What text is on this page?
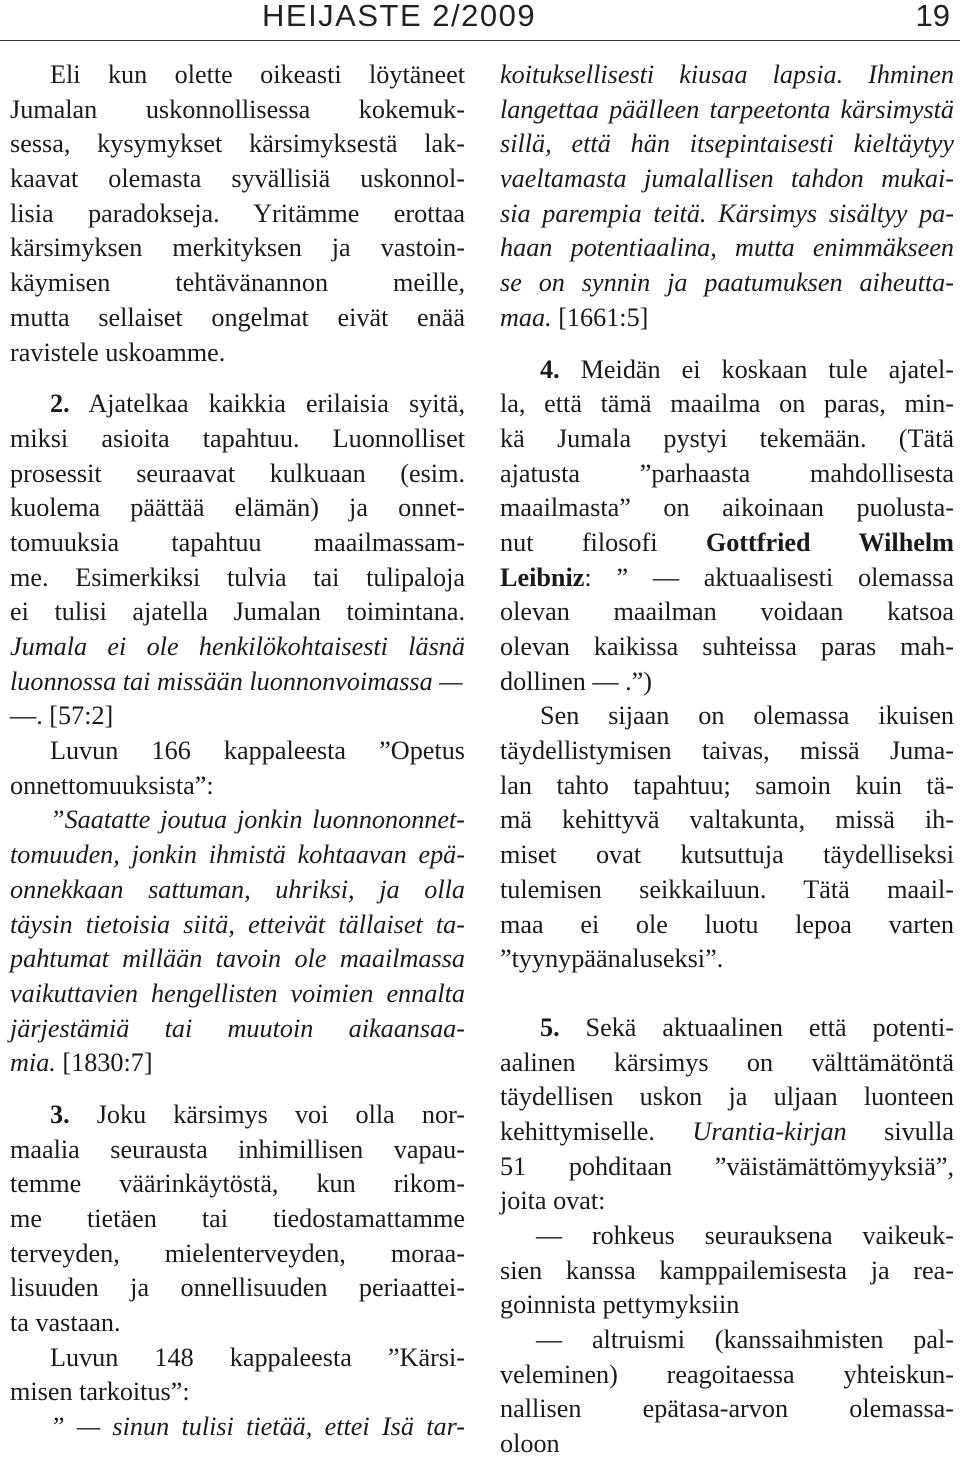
HEIJASTE 2/2009	19
Eli kun olette oikeasti löytäneet
Jumalan uskonnollisessa kokemuk-
sessa, kysymykset kärsimyksestä lak-
kaavat olemasta syvällisiä uskonnol-
lisia paradokseja. Yritämme erottaa
kärsimyksen merkityksen ja vastoin-
käymisen tehtävänannon meille,
mutta sellaiset ongelmat eivät enää
ravistele uskoamme.
2. Ajatelkaa kaikkia erilaisia syitä,
miksi asioita tapahtuu. Luonnolliset
prosessit seuraavat kulkuaan (esim.
kuolema päättää elämän) ja onnet-
tomuuksia tapahtuu maailmassam-
me. Esimerkiksi tulvia tai tulipaloja
ei tulisi ajatella Jumalan toimintana.
Jumala ei ole henkilökohtaisesti läsnä
luonnossa tai missään luonnonvoimassa —
—. [57:2]
Luvun 166 kappaleesta ”Opetus
onnettomuuksista”:
”Saatatte joutua jonkin luonnononnet-
tomuuden, jonkin ihmistä kohtaavan epä-
onnekkaan sattuman, uhriksi, ja olla
täysin tietoisia siitä, etteivät tällaiset ta-
pahtumat millään tavoin ole maailmassa
vaikuttavien hengellisten voimien ennalta
järjestämiä tai muutoin aikaansaa-
mia. [1830:7]
3. Joku kärsimys voi olla nor-
maalia seurausta inhimillisen vapau-
temme väärinkäytöstä, kun rikom-
me tietäen tai tiedostamattamme
terveyden, mielenterveyden, moraa-
lisuuden ja onnellisuuden periaattei-
ta vastaan.
Luvun 148 kappaleesta ”Kärsi-
misen tarkoitus”:
” — sinun tulisi tietää, ettei Isä tar-
koituksellisesti kiusaa lapsia. Ihminen
langettaa päälleen tarpeetonta kärsimystä
sillä, että hän itsepintaisesti kieltäytyy
vaeltamasta jumalallisen tahdon mukai-
sia parempia teitä. Kärsimys sisältyy pa-
haan potentiaalina, mutta enimmäkseen
se on synnin ja paatumuksen aiheutta-
maa. [1661:5]
4. Meidän ei koskaan tule ajatel-
la, että tämä maailma on paras, min-
kä Jumala pystyi tekemään. (Tätä
ajatusta ”parhaasta mahdollisesta
maailmasta” on aikoinaan puolusta-
nut filosofi Gottfried Wilhelm
Leibniz: ” — aktuaalisesti olemassa
olevan maailman voidaan katsoa
olevan kaikissa suhteissa paras mah-
dollinen — .”)
Sen sijaan on olemassa ikuisen
täydellistymisen taivas, missä Juma-
lan tahto tapahtuu; samoin kuin tä-
mä kehittyvä valtakunta, missä ih-
miset ovat kutsuttuja täydelliseksi
tulemisen seikkailuun. Tätä maail-
maa ei ole luotu lepoa varten
”tyynypäänaluseksi”.
5. Sekä aktuaalinen että potenti-
aalinen kärsimys on välttämätöntä
täydellisen uskon ja uljaan luonteen
kehittymiselle. Urantia-kirjan sivulla
51 pohditaan ”väistämättömyyksiä”,
joita ovat:
— rohkeus seurauksena vaikeuk-
sien kanssa kamppailemisesta ja rea-
goinnista pettymyksiin
— altruismi (kanssaihmisten pal-
veleminen) reagoitaessa yhteiskun-
nallisen epätasa-arvon olemassa-
oloon
